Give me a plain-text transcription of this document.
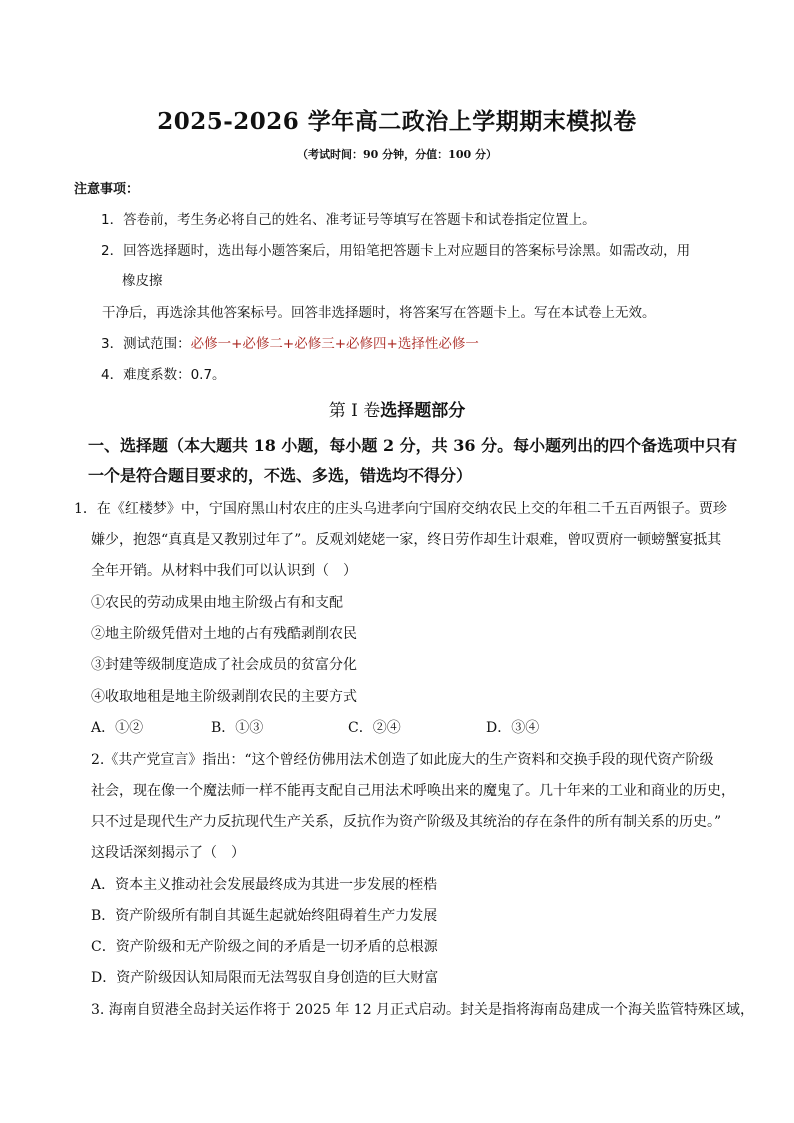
2025-2026 学年高二政治上学期期末模拟卷
（考试时间：90 分钟，分值：100 分）
注意事项：
1．答卷前，考生务必将自己的姓名、准考证号等填写在答题卡和试卷指定位置上。
2．回答选择题时，选出每小题答案后，用铅笔把答题卡上对应题目的答案标号涂黑。如需改动，用
橡皮擦
干净后，再选涂其他答案标号。回答非选择题时，将答案写在答题卡上。写在本试卷上无效。
3．测试范围：必修一+必修二+必修三+必修四+选择性必修一
4．难度系数：0.7。
第 I 卷选择题部分
一、选择题（本大题共 18 小题，每小题 2 分，共 36 分。每小题列出的四个备选项中只有
一个是符合题目要求的，不选、多选，错选均不得分）
1．在《红楼梦》中，宁国府黑山村农庄的庄头乌进孝向宁国府交纳农民上交的年租二千五百两银子。贾珍
嫌少，抱怨“真真是又教别过年了”。反观刘姥姥一家，终日劳作却生计艰难，曾叹贾府一顿螃蟹宴抵其
全年开销。从材料中我们可以认识到（　）
①农民的劳动成果由地主阶级占有和支配
②地主阶级凭借对土地的占有残酷剥削农民
③封建等级制度造成了社会成员的贫富分化
④收取地租是地主阶级剥削农民的主要方式
A．①②	B．①③	C．②④	D．③④
2.《共产党宣言》指出：“这个曾经仿佛用法术创造了如此庞大的生产资料和交换手段的现代资产阶级
社会，现在像一个魔法师一样不能再支配自己用法术呼唤出来的魔鬼了。几十年来的工业和商业的历史，
只不过是现代生产力反抗现代生产关系，反抗作为资产阶级及其统治的存在条件的所有制关系的历史。”
这段话深刻揭示了（　）
A．资本主义推动社会发展最终成为其进一步发展的桎梏
B．资产阶级所有制自其诞生起就始终阻碍着生产力发展
C．资产阶级和无产阶级之间的矛盾是一切矛盾的总根源
D．资产阶级因认知局限而无法驾驭自身创造的巨大财富
3. 海南自贸港全岛封关运作将于 2025 年 12 月正式启动。封关是指将海南岛建成一个海关监管特殊区域，
